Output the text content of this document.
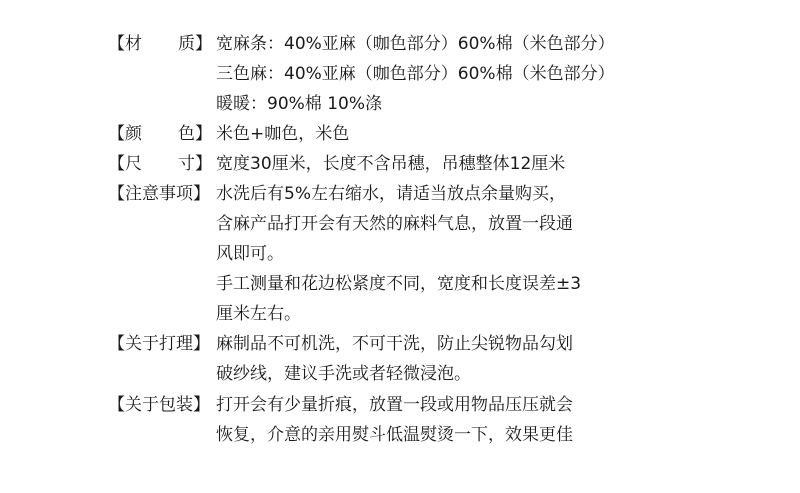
【材 质】 宽麻条：40%亚麻（咖色部分）60%棉（米色部分）
三色麻：40%亚麻（咖色部分）60%棉（米色部分）
暖暖：90%棉 10%涤
【颜 色】 米色+咖色，米色
【尺 寸】 宽度30厘米，长度不含吊穗，吊穗整体12厘米
【注意事项】 水洗后有5%左右缩水，请适当放点余量购买，
含麻产品打开会有天然的麻料气息，放置一段通
风即可。
手工测量和花边松紧度不同，宽度和长度误差±3
厘米左右。
【关于打理】 麻制品不可机洗，不可干洗，防止尖锐物品勾划
破纱线，建议手洗或者轻微浸泡。
【关于包装】 打开会有少量折痕，放置一段或用物品压压就会
恢复，介意的亲用熨斗低温熨烫一下，效果更佳
